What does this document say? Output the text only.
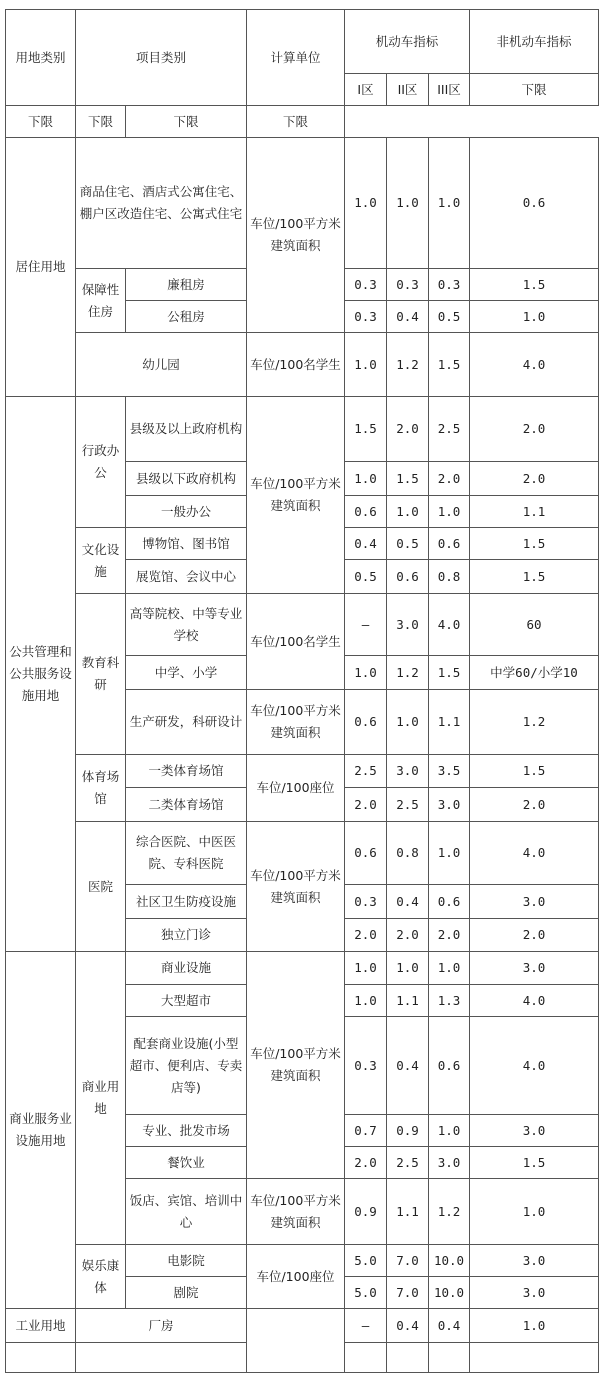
用地类别	项目类别		计算单位	机动车指标			非机动车指标
				I区	II区	III区	下限
下限	下限	下限	下限				
居住用地	商品住宅、酒店式公寓住宅、棚户区改造住宅、公寓式住宅		车位/100平方米建筑面积	1.0	1.0	1.0	0.6
	保障性住房	廉租房		0.3	0.3	0.3	1.5
		公租房		0.3	0.4	0.5	1.0
	幼儿园		车位/100名学生	1.0	1.2	1.5	4.0
公共管理和公共服务设施用地	行政办公	县级及以上政府机构	车位/100平方米建筑面积	1.5	2.0	2.5	2.0
		县级以下政府机构		1.0	1.5	2.0	2.0
		一般办公		0.6	1.0	1.0	1.1
	文化设施	博物馆、图书馆		0.4	0.5	0.6	1.5
		展览馆、会议中心		0.5	0.6	0.8	1.5
	教育科研	高等院校、中等专业学校	车位/100名学生	—	3.0	4.0	60
		中学、小学		1.0	1.2	1.5	中学60/小学10
		生产研发，科研设计	车位/100平方米建筑面积	0.6	1.0	1.1	1.2
	体育场馆	一类体育场馆	车位/100座位	2.5	3.0	3.5	1.5
		二类体育场馆		2.0	2.5	3.0	2.0
	医院	综合医院、中医医院、专科医院	车位/100平方米建筑面积	0.6	0.8	1.0	4.0
		社区卫生防疫设施		0.3	0.4	0.6	3.0
		独立门诊		2.0	2.0	2.0	2.0
商业服务业设施用地	商业用地	商业设施	车位/100平方米建筑面积	1.0	1.0	1.0	3.0
		大型超市		1.0	1.1	1.3	4.0
		配套商业设施(小型超市、便利店、专卖店等)		0.3	0.4	0.6	4.0
		专业、批发市场		0.7	0.9	1.0	3.0
		餐饮业		2.0	2.5	3.0	1.5
		饭店、宾馆、培训中心	车位/100平方米建筑面积	0.9	1.1	1.2	1.0
	娱乐康体	电影院	车位/100座位	5.0	7.0	10.0	3.0
		剧院		5.0	7.0	10.0	3.0
工业用地	厂房			—	0.4	0.4	1.0
